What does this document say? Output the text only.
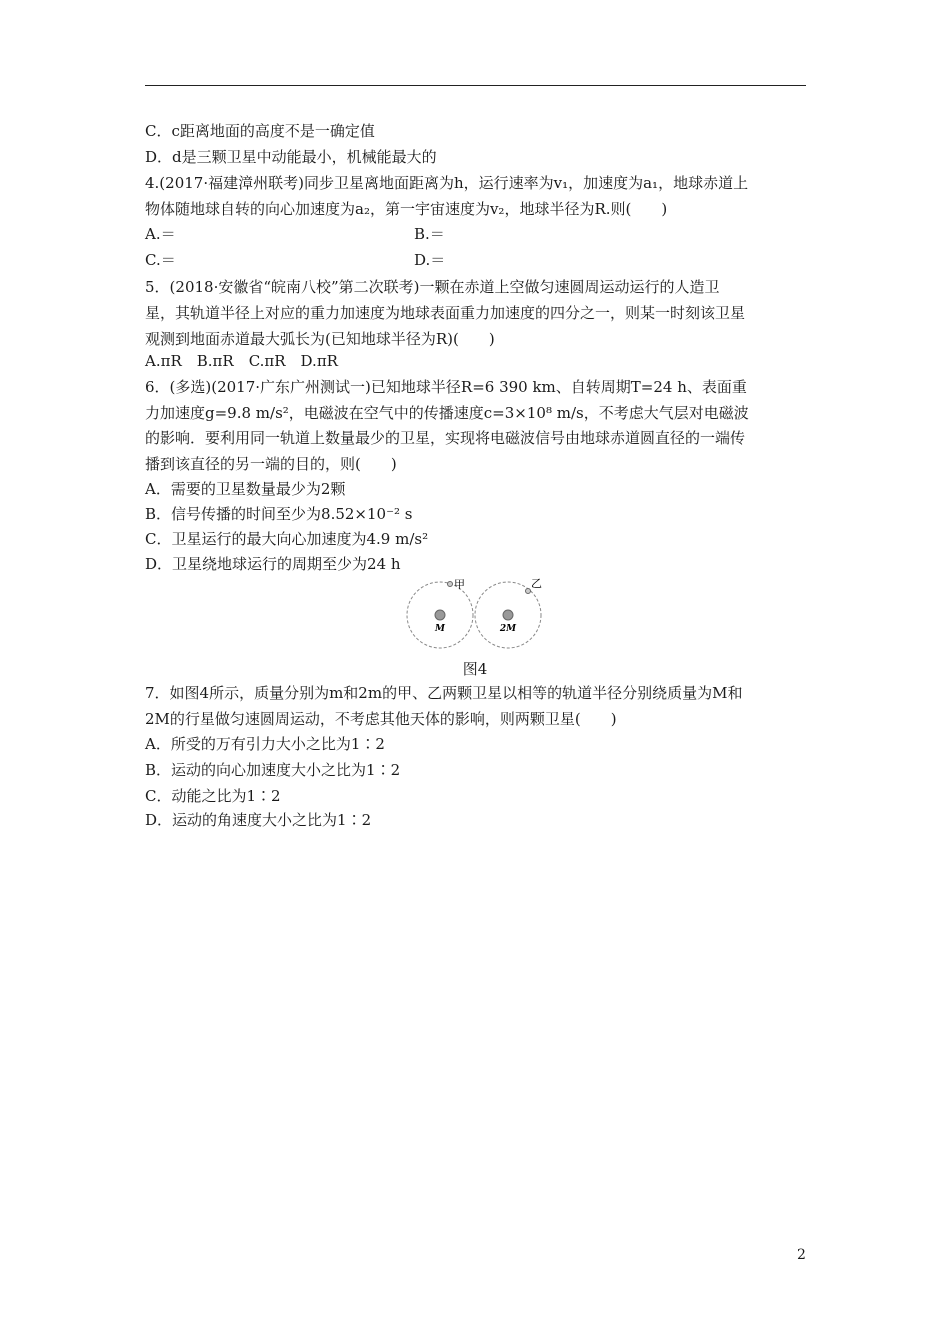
C．c距离地面的高度不是一确定值
D．d是三颗卫星中动能最小，机械能最大的
4.(2017·福建漳州联考)同步卫星离地面距离为h，运行速率为v₁，加速度为a₁，地球赤道上
物体随地球自转的向心加速度为a₂，第一宇宙速度为v₂，地球半径为R.则(　　)
A.＝	B.＝
C.＝	D.＝
5．(2018·安徽省“皖南八校”第二次联考)一颗在赤道上空做匀速圆周运动运行的人造卫
星，其轨道半径上对应的重力加速度为地球表面重力加速度的四分之一，则某一时刻该卫星
观测到地面赤道最大弧长为(已知地球半径为R)(　　)
A.πR　B.πR　C.πR　D.πR
6．(多选)(2017·广东广州测试一)已知地球半径R=6 390 km、自转周期T=24 h、表面重
力加速度g=9.8 m/s²，电磁波在空气中的传播速度c=3×10⁸ m/s，不考虑大气层对电磁波
的影响．要利用同一轨道上数量最少的卫星，实现将电磁波信号由地球赤道圆直径的一端传
播到该直径的另一端的目的，则(　　)
A．需要的卫星数量最少为2颗
B．信号传播的时间至少为8.52×10⁻² s
C．卫星运行的最大向心加速度为4.9 m/s²
D．卫星绕地球运行的周期至少为24 h
甲	乙
M	2M
图4
7．如图4所示，质量分别为m和2m的甲、乙两颗卫星以相等的轨道半径分别绕质量为M和
2M的行星做匀速圆周运动，不考虑其他天体的影响，则两颗卫星(　　)
A．所受的万有引力大小之比为1∶2
B．运动的向心加速度大小之比为1∶2
C．动能之比为1∶2
D．运动的角速度大小之比为1∶2
2
